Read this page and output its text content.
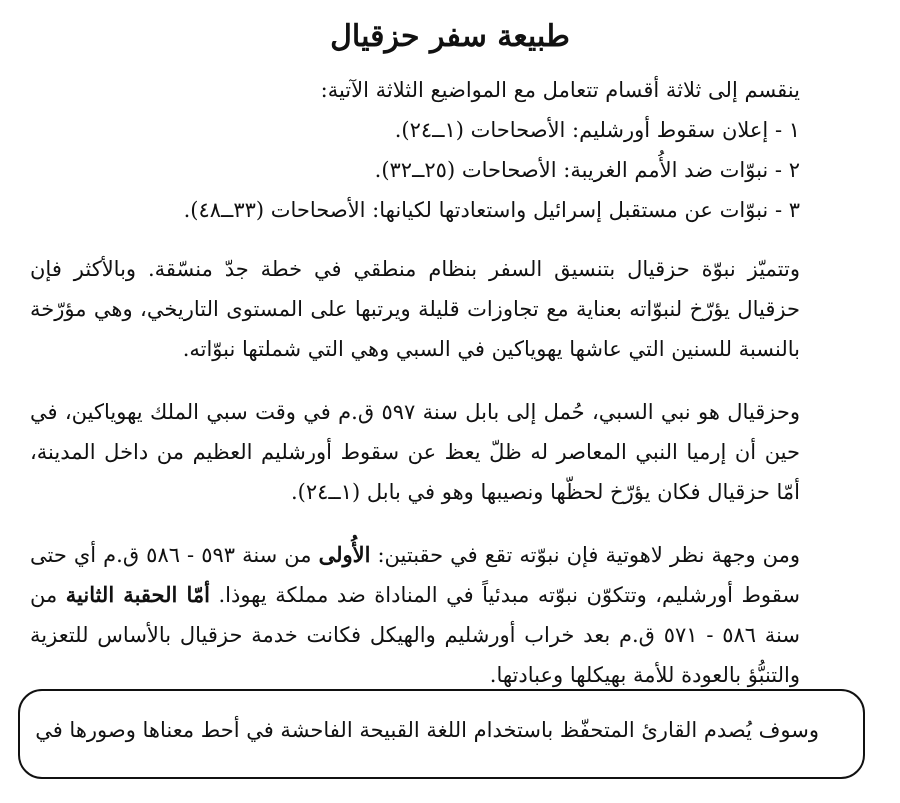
طبيعة سفر حزقيال

ينقسم إلى ثلاثة أقسام تتعامل مع المواضيع الثلاثة الآتية:

١ - إعلان سقوط أورشليم: الأصحاحات (١ــ٢٤).

٢ - نبوّات ضد الأُمم الغريبة: الأصحاحات (٢٥ــ٣٢).

٣ - نبوّات عن مستقبل إسرائيل واستعادتها لكيانها: الأصحاحات (٣٣ــ٤٨).

وتتميّز نبوّة حزقيال بتنسيق السفر بنظام منطقي في خطة جدّ منسّقة. وبالأكثر فإن حزقيال يؤرّخ لنبوّاته بعناية مع تجاوزات قليلة ويرتبها على المستوى التاريخي، وهي مؤرّخة بالنسبة للسنين التي عاشها يهوياكين في السبي وهي التي شملتها نبوّاته.

وحزقيال هو نبي السبي، حُمل إلى بابل سنة ٥٩٧ ق.م في وقت سبي الملك يهوياكين، في حين أن إرميا النبي المعاصر له ظلّ يعظ عن سقوط أورشليم العظيم من داخل المدينة، أمّا حزقيال فكان يؤرّخ لحظّها ونصيبها وهو في بابل (١ــ٢٤).

ومن وجهة نظر لاهوتية فإن نبوّته تقع في حقبتين: الأُولى من سنة ٥٩٣ - ٥٨٦ ق.م أي حتى سقوط أورشليم، وتتكوّن نبوّته مبدئياً في المناداة ضد مملكة يهوذا. أمّا الحقبة الثانية من سنة ٥٨٦ - ٥٧١ ق.م بعد خراب أورشليم والهيكل فكانت خدمة حزقيال بالأساس للتعزية والتنبُّؤ بالعودة للأمة بهيكلها وعبادتها.

وسوف يُصدم القارئ المتحفّظ باستخدام اللغة القبيحة الفاحشة في أحط معناها وصورها في
